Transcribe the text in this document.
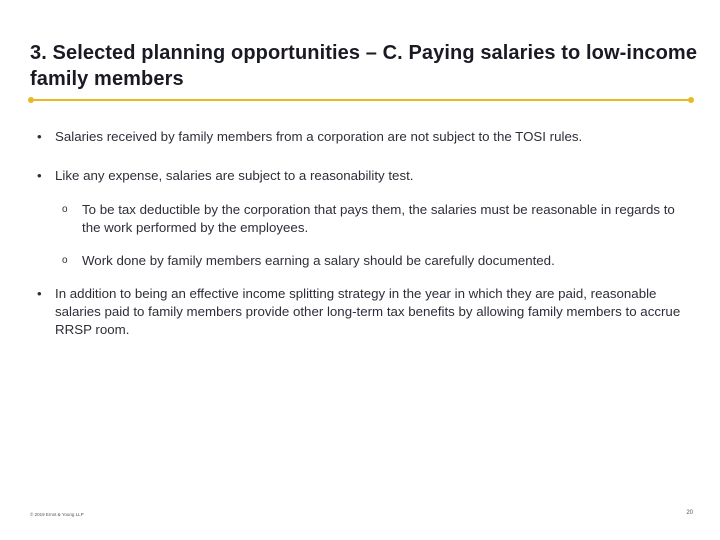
3. Selected planning opportunities – C. Paying salaries to low-income family members
• Salaries received by family members from a corporation are not subject to the TOSI rules.
• Like any expense, salaries are subject to a reasonability test.
o To be tax deductible by the corporation that pays them, the salaries must be reasonable in regards to the work performed by the employees.
o Work done by family members earning a salary should be carefully documented.
• In addition to being an effective income splitting strategy in the year in which they are paid, reasonable salaries paid to family members provide other long-term tax benefits by allowing family members to accrue RRSP room.
© 2019 Ernst & Young LLP	20
